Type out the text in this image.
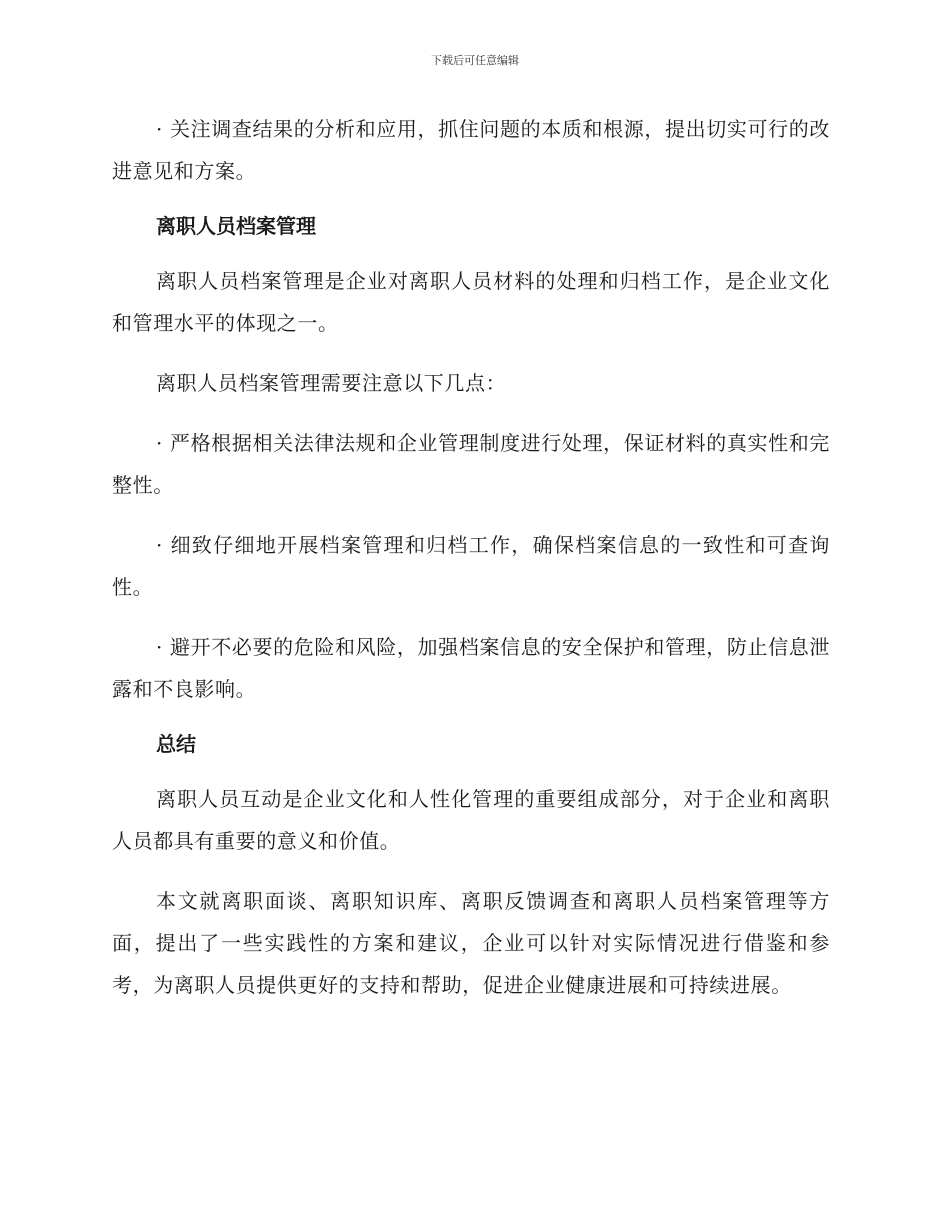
下载后可任意编辑

· 关注调查结果的分析和应用，抓住问题的本质和根源，提出切实可行的改进意见和方案。

离职人员档案管理

离职人员档案管理是企业对离职人员材料的处理和归档工作，是企业文化和管理水平的体现之一。

离职人员档案管理需要注意以下几点：

· 严格根据相关法律法规和企业管理制度进行处理，保证材料的真实性和完整性。

· 细致仔细地开展档案管理和归档工作，确保档案信息的一致性和可查询性。

· 避开不必要的危险和风险，加强档案信息的安全保护和管理，防止信息泄露和不良影响。

总结

离职人员互动是企业文化和人性化管理的重要组成部分，对于企业和离职人员都具有重要的意义和价值。

本文就离职面谈、离职知识库、离职反馈调查和离职人员档案管理等方面，提出了一些实践性的方案和建议，企业可以针对实际情况进行借鉴和参考，为离职人员提供更好的支持和帮助，促进企业健康进展和可持续进展。
